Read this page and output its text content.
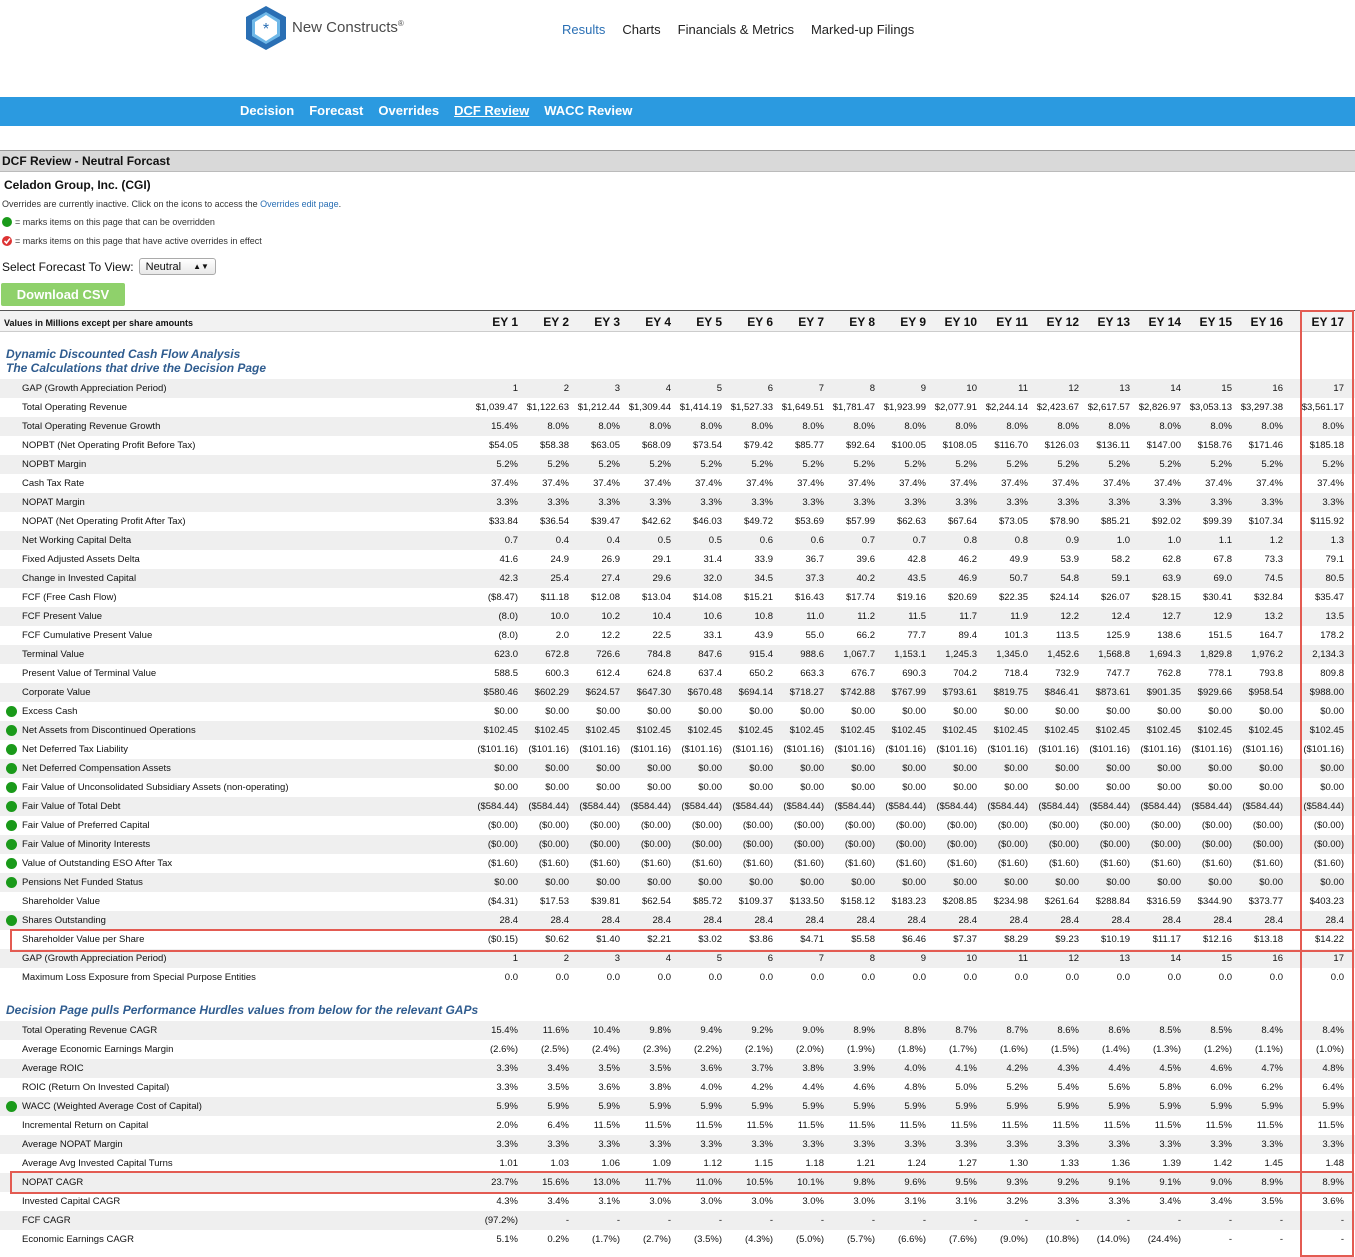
* New Constructs®	Results Charts Financials & Metrics Marked-up Filings
Decision Forecast Overrides DCF Review WACC Review
DCF Review - Neutral Forcast
Celadon Group, Inc. (CGI)
Overrides are currently inactive. Click on the icons to access the Overrides edit page.
= marks items on this page that can be overridden
= marks items on this page that have active overrides in effect
Select Forecast To View: Neutral ▲▼
Download CSV
Values in Millions except per share amounts	EY 1	EY 2	EY 3	EY 4	EY 5	EY 6	EY 7	EY 8	EY 9	EY 10	EY 11	EY 12	EY 13	EY 14	EY 15	EY 16	EY 17
Dynamic Discounted Cash Flow Analysis
The Calculations that drive the Decision Page
Decision Page pulls Performance Hurdles values from below for the relevant GAPs
GAP (Growth Appreciation Period)	1	2	3	4	5	6	7	8	9	10	11	12	13	14	15	16	17
Total Operating Revenue	$1,039.47 $1,122.63 $1,212.44 $1,309.44 $1,414.19 $1,527.33 $1,649.51 $1,781.47 $1,923.99 $2,077.91 $2,244.14 $2,423.67 $2,617.57 $2,826.97 $3,053.13 $3,297.38	$3,561.17
Total Operating Revenue Growth	15.4%	8.0%	8.0%	8.0%	8.0%	8.0%	8.0%	8.0%	8.0%	8.0%	8.0%	8.0%	8.0%	8.0%	8.0%	8.0%	8.0%
NOPBT (Net Operating Profit Before Tax)	$54.05	$58.38	$63.05	$68.09	$73.54	$79.42	$85.77	$92.64	$100.05	$108.05	$116.70	$126.03	$136.11	$147.00	$158.76	$171.46	$185.18
NOPBT Margin	5.2%	5.2%	5.2%	5.2%	5.2%	5.2%	5.2%	5.2%	5.2%	5.2%	5.2%	5.2%	5.2%	5.2%	5.2%	5.2%	5.2%
Cash Tax Rate	37.4%	37.4%	37.4%	37.4%	37.4%	37.4%	37.4%	37.4%	37.4%	37.4%	37.4%	37.4%	37.4%	37.4%	37.4%	37.4%	37.4%
NOPAT Margin	3.3%	3.3%	3.3%	3.3%	3.3%	3.3%	3.3%	3.3%	3.3%	3.3%	3.3%	3.3%	3.3%	3.3%	3.3%	3.3%	3.3%
NOPAT (Net Operating Profit After Tax)	$33.84	$36.54	$39.47	$42.62	$46.03	$49.72	$53.69	$57.99	$62.63	$67.64	$73.05	$78.90	$85.21	$92.02	$99.39	$107.34	$115.92
Net Working Capital Delta	0.7	0.4	0.4	0.5	0.5	0.6	0.6	0.7	0.7	0.8	0.8	0.9	1.0	1.0	1.1	1.2	1.3
Fixed Adjusted Assets Delta	41.6	24.9	26.9	29.1	31.4	33.9	36.7	39.6	42.8	46.2	49.9	53.9	58.2	62.8	67.8	73.3	79.1
Change in Invested Capital	42.3	25.4	27.4	29.6	32.0	34.5	37.3	40.2	43.5	46.9	50.7	54.8	59.1	63.9	69.0	74.5	80.5
FCF (Free Cash Flow)	($8.47)	$11.18	$12.08	$13.04	$14.08	$15.21	$16.43	$17.74	$19.16	$20.69	$22.35	$24.14	$26.07	$28.15	$30.41	$32.84	$35.47
FCF Present Value	(8.0)	10.0	10.2	10.4	10.6	10.8	11.0	11.2	11.5	11.7	11.9	12.2	12.4	12.7	12.9	13.2	13.5
FCF Cumulative Present Value	(8.0)	2.0	12.2	22.5	33.1	43.9	55.0	66.2	77.7	89.4	101.3	113.5	125.9	138.6	151.5	164.7	178.2
Terminal Value	623.0	672.8	726.6	784.8	847.6	915.4	988.6	1,067.7	1,153.1	1,245.3	1,345.0	1,452.6	1,568.8	1,694.3	1,829.8	1,976.2	2,134.3
Present Value of Terminal Value	588.5	600.3	612.4	624.8	637.4	650.2	663.3	676.7	690.3	704.2	718.4	732.9	747.7	762.8	778.1	793.8	809.8
Corporate Value	$580.46	$602.29	$624.57	$647.30	$670.48	$694.14	$718.27	$742.88	$767.99	$793.61	$819.75	$846.41	$873.61	$901.35	$929.66	$958.54	$988.00
Excess Cash	$0.00	$0.00	$0.00	$0.00	$0.00	$0.00	$0.00	$0.00	$0.00	$0.00	$0.00	$0.00	$0.00	$0.00	$0.00	$0.00	$0.00
Net Assets from Discontinued Operations	$102.45	$102.45	$102.45	$102.45	$102.45	$102.45	$102.45	$102.45	$102.45	$102.45	$102.45	$102.45	$102.45	$102.45	$102.45	$102.45	$102.45
Net Deferred Tax Liability	($101.16)	($101.16)	($101.16)	($101.16)	($101.16)	($101.16)	($101.16)	($101.16)	($101.16)	($101.16)	($101.16)	($101.16)	($101.16)	($101.16)	($101.16)	($101.16)	($101.16)
Net Deferred Compensation Assets	$0.00	$0.00	$0.00	$0.00	$0.00	$0.00	$0.00	$0.00	$0.00	$0.00	$0.00	$0.00	$0.00	$0.00	$0.00	$0.00	$0.00
Fair Value of Unconsolidated Subsidiary Assets (non-operating)	$0.00	$0.00	$0.00	$0.00	$0.00	$0.00	$0.00	$0.00	$0.00	$0.00	$0.00	$0.00	$0.00	$0.00	$0.00	$0.00	$0.00
Fair Value of Total Debt	($584.44)	($584.44)	($584.44)	($584.44)	($584.44)	($584.44)	($584.44)	($584.44)	($584.44)	($584.44)	($584.44)	($584.44)	($584.44)	($584.44)	($584.44)	($584.44)	($584.44)
Fair Value of Preferred Capital	($0.00)	($0.00)	($0.00)	($0.00)	($0.00)	($0.00)	($0.00)	($0.00)	($0.00)	($0.00)	($0.00)	($0.00)	($0.00)	($0.00)	($0.00)	($0.00)	($0.00)
Fair Value of Minority Interests	($0.00)	($0.00)	($0.00)	($0.00)	($0.00)	($0.00)	($0.00)	($0.00)	($0.00)	($0.00)	($0.00)	($0.00)	($0.00)	($0.00)	($0.00)	($0.00)	($0.00)
Value of Outstanding ESO After Tax	($1.60)	($1.60)	($1.60)	($1.60)	($1.60)	($1.60)	($1.60)	($1.60)	($1.60)	($1.60)	($1.60)	($1.60)	($1.60)	($1.60)	($1.60)	($1.60)	($1.60)
Pensions Net Funded Status	$0.00	$0.00	$0.00	$0.00	$0.00	$0.00	$0.00	$0.00	$0.00	$0.00	$0.00	$0.00	$0.00	$0.00	$0.00	$0.00	$0.00
Shareholder Value	($4.31)	$17.53	$39.81	$62.54	$85.72	$109.37	$133.50	$158.12	$183.23	$208.85	$234.98	$261.64	$288.84	$316.59	$344.90	$373.77	$403.23
Shares Outstanding	28.4	28.4	28.4	28.4	28.4	28.4	28.4	28.4	28.4	28.4	28.4	28.4	28.4	28.4	28.4	28.4	28.4
Shareholder Value per Share	($0.15)	$0.62	$1.40	$2.21	$3.02	$3.86	$4.71	$5.58	$6.46	$7.37	$8.29	$9.23	$10.19	$11.17	$12.16	$13.18	$14.22
GAP (Growth Appreciation Period)	1	2	3	4	5	6	7	8	9	10	11	12	13	14	15	16	17
Maximum Loss Exposure from Special Purpose Entities	0.0	0.0	0.0	0.0	0.0	0.0	0.0	0.0	0.0	0.0	0.0	0.0	0.0	0.0	0.0	0.0	0.0
Total Operating Revenue CAGR	15.4%	11.6%	10.4%	9.8%	9.4%	9.2%	9.0%	8.9%	8.8%	8.7%	8.7%	8.6%	8.6%	8.5%	8.5%	8.4%	8.4%
Average Economic Earnings Margin	(2.6%)	(2.5%)	(2.4%)	(2.3%)	(2.2%)	(2.1%)	(2.0%)	(1.9%)	(1.8%)	(1.7%)	(1.6%)	(1.5%)	(1.4%)	(1.3%)	(1.2%)	(1.1%)	(1.0%)
Average ROIC	3.3%	3.4%	3.5%	3.5%	3.6%	3.7%	3.8%	3.9%	4.0%	4.1%	4.2%	4.3%	4.4%	4.5%	4.6%	4.7%	4.8%
ROIC (Return On Invested Capital)	3.3%	3.5%	3.6%	3.8%	4.0%	4.2%	4.4%	4.6%	4.8%	5.0%	5.2%	5.4%	5.6%	5.8%	6.0%	6.2%	6.4%
WACC (Weighted Average Cost of Capital)	5.9%	5.9%	5.9%	5.9%	5.9%	5.9%	5.9%	5.9%	5.9%	5.9%	5.9%	5.9%	5.9%	5.9%	5.9%	5.9%	5.9%
Incremental Return on Capital	2.0%	6.4%	11.5%	11.5%	11.5%	11.5%	11.5%	11.5%	11.5%	11.5%	11.5%	11.5%	11.5%	11.5%	11.5%	11.5%	11.5%
Average NOPAT Margin	3.3%	3.3%	3.3%	3.3%	3.3%	3.3%	3.3%	3.3%	3.3%	3.3%	3.3%	3.3%	3.3%	3.3%	3.3%	3.3%	3.3%
Average Avg Invested Capital Turns	1.01	1.03	1.06	1.09	1.12	1.15	1.18	1.21	1.24	1.27	1.30	1.33	1.36	1.39	1.42	1.45	1.48
NOPAT CAGR	23.7%	15.6%	13.0%	11.7%	11.0%	10.5%	10.1%	9.8%	9.6%	9.5%	9.3%	9.2%	9.1%	9.1%	9.0%	8.9%	8.9%
Invested Capital CAGR	4.3%	3.4%	3.1%	3.0%	3.0%	3.0%	3.0%	3.0%	3.1%	3.1%	3.2%	3.3%	3.3%	3.4%	3.4%	3.5%	3.6%
FCF CAGR	(97.2%)	-	-	-	-	-	-	-	-	-	-	-	-	-	-	-	-
Economic Earnings CAGR	5.1%	0.2%	(1.7%)	(2.7%)	(3.5%)	(4.3%)	(5.0%)	(5.7%)	(6.6%)	(7.6%)	(9.0%)	(10.8%)	(14.0%)	(24.4%)	-	-	-
